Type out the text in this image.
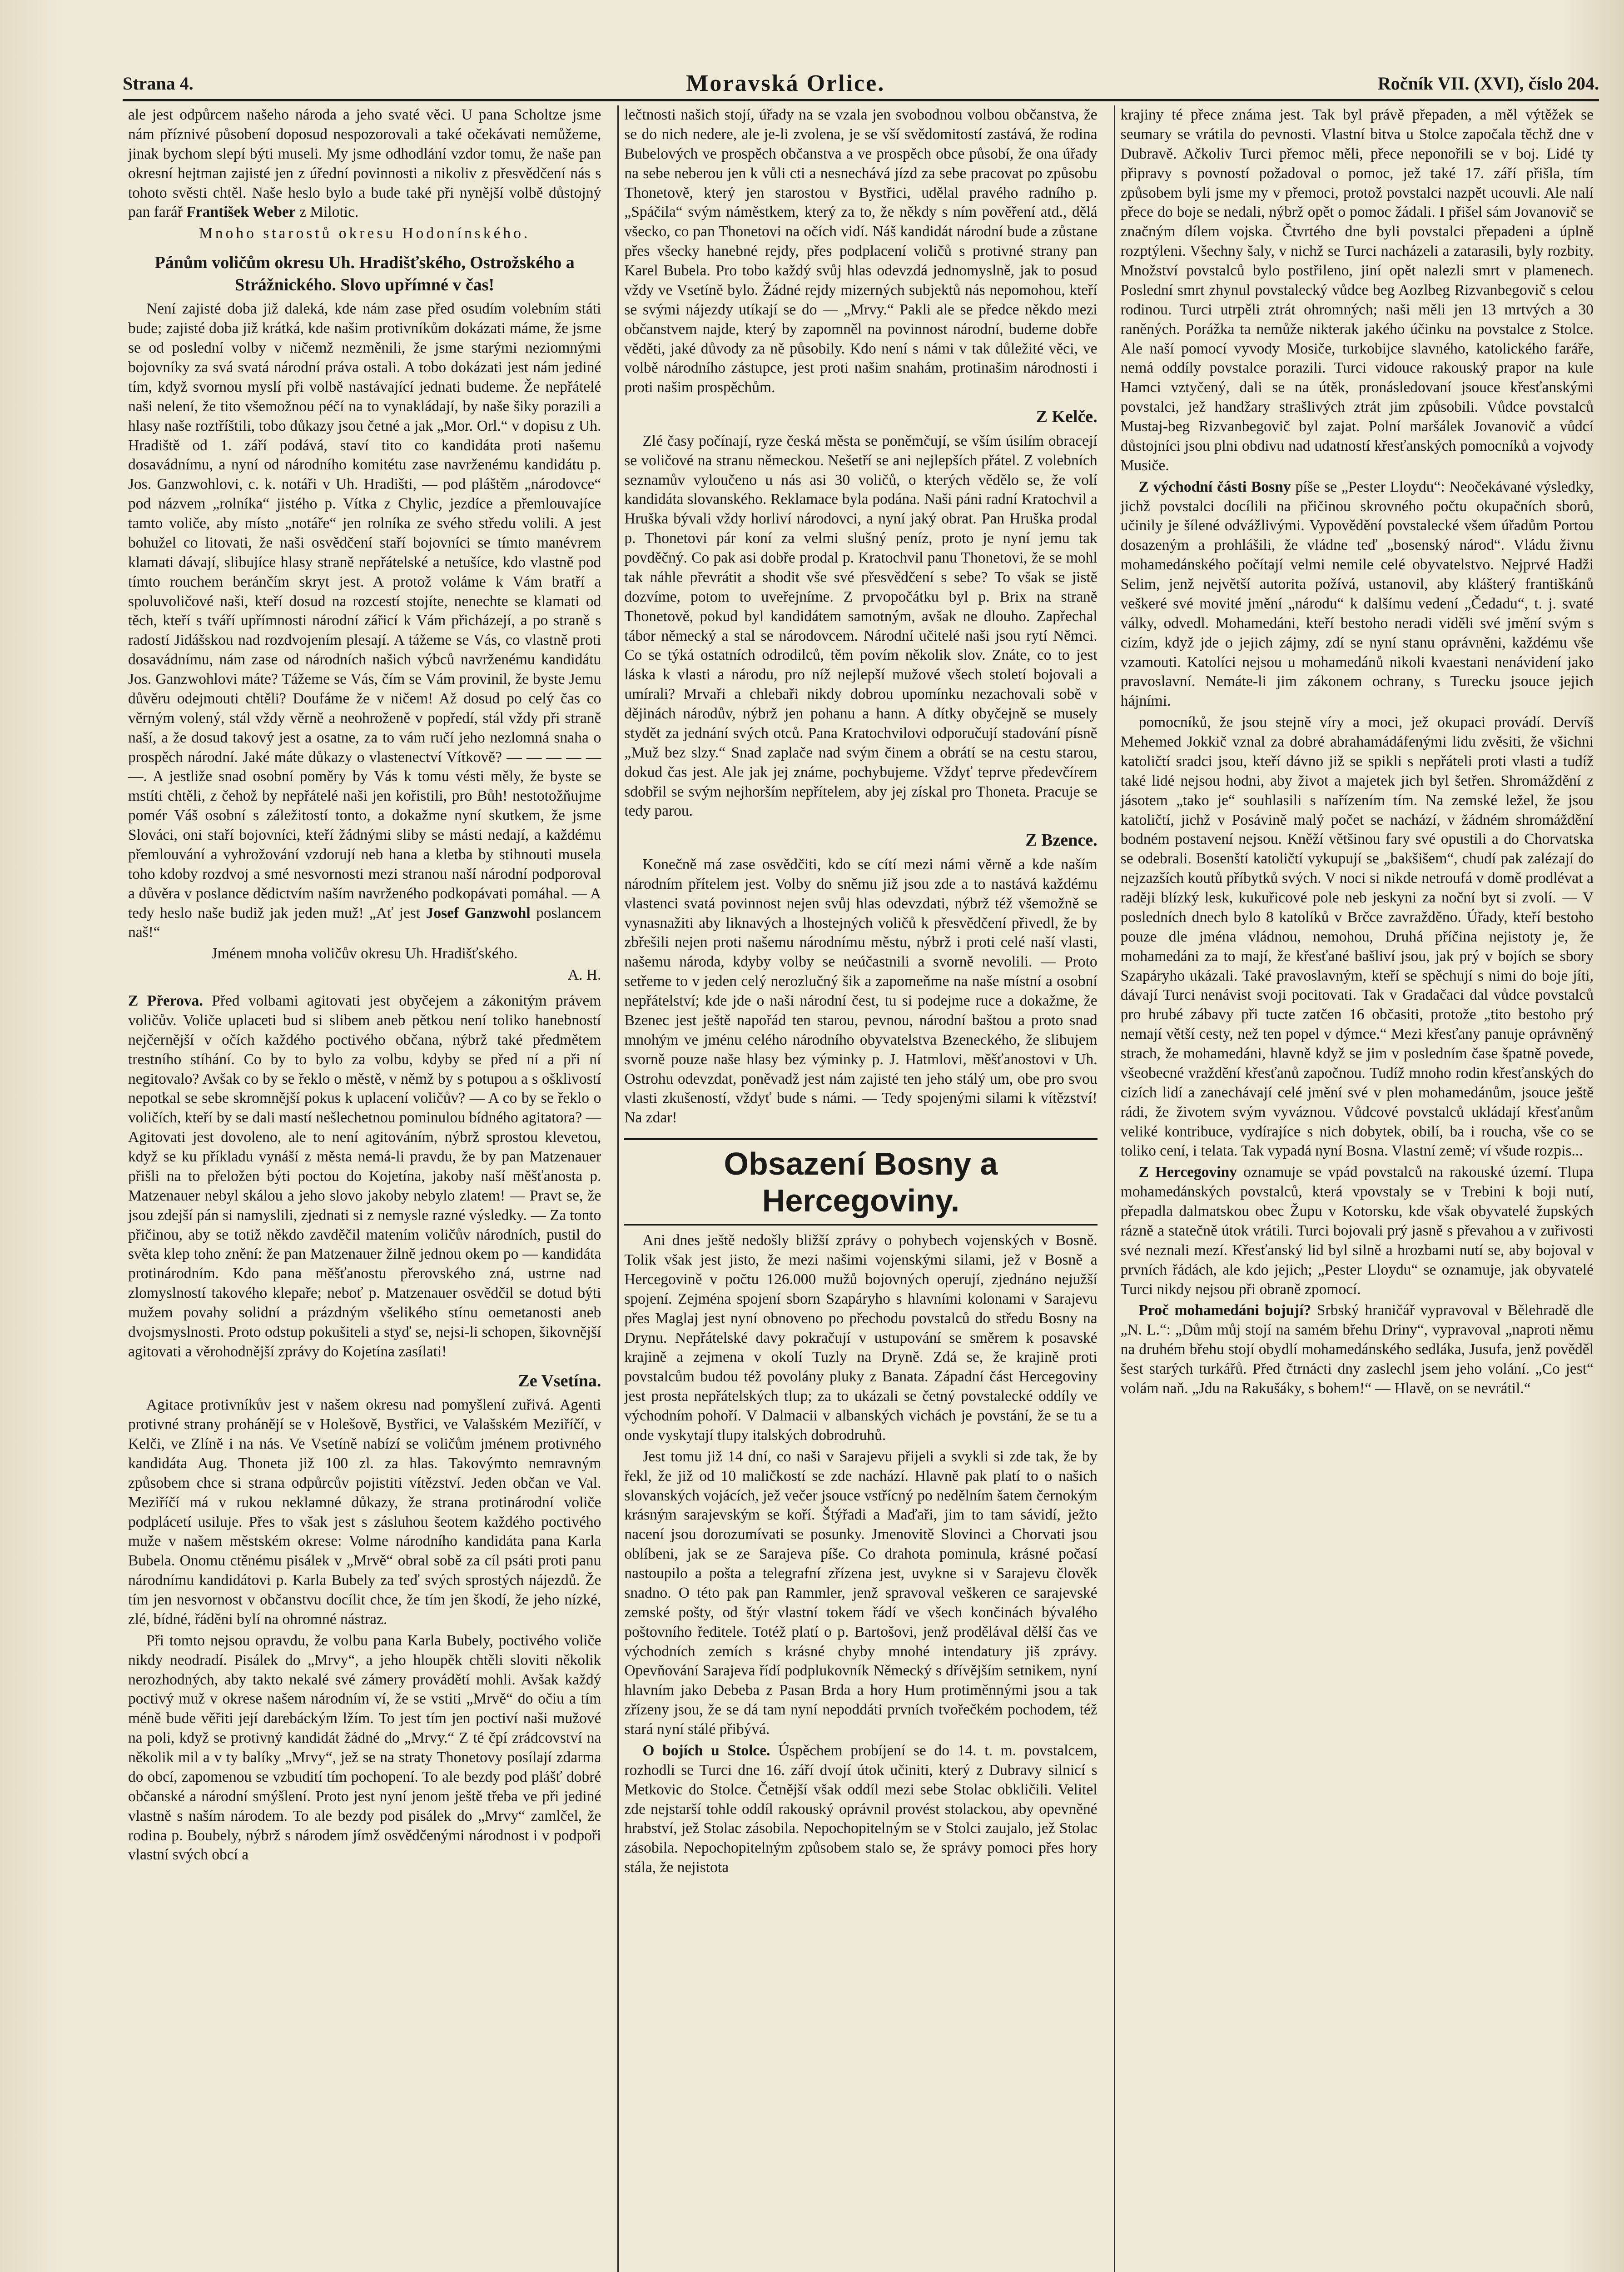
Strana 4.	Moravská Orlice.	Ročník VII. (XVI), číslo 204.

ale jest odpůrcem našeho národa a jeho svaté věci. U pana Scholtze jsme nám příznivé působení doposud nespozorovali a také očekávati nemůžeme, jinak bychom slepí býti museli. My jsme odhodlání vzdor tomu, že naše pan okresní hejtman zajisté jen z úřední povinnosti a nikoliv z přesvědčení nás s tohoto svěsti chtěl. Naše heslo bylo a bude také při nynější volbě důstojný pan farář František Weber z Milotic.

Mnoho starostů okresu Hodonínského.

Pánům voličům okresu Uh. Hradišťského, Ostrožského a Strážnického. Slovo upřímné v čas!

Není zajisté doba již daleká, kde nám zase před osudím volebním státi bude; zajisté doba již krátká, kde našim protivníkům dokázati máme, že jsme se od poslední volby v ničemž nezměnili, že jsme starými neziomnými bojovníky za svá svatá národní práva ostali. A tobo dokázati jest nám jediné tím, když svornou myslí při volbě nastávající jednati budeme. Že nepřátelé naši nelení, že tito všemožnou péčí na to vynakládají, by naše šiky porazili a hlasy naše roztříštili, tobo důkazy jsou četné a jak „Mor. Orl.“ v dopisu z Uh. Hradiště od 1. září podává, staví tito co kandidáta proti našemu dosavádnímu, a nyní od národního komitétu zase navrženému kandidátu p. Jos. Ganzwohlovi, c. k. notáři v Uh. Hradišti, — pod pláštěm „národovce“ pod názvem „rolníka“ jistého p. Vítka z Chylic, jezdíce a přemlouvajíce tamto voliče, aby místo „notáře“ jen rolníka ze svého středu volili. A jest bohužel co litovati, že naši osvědčení staří bojovníci se tímto manévrem klamati dávají, slibujíce hlasy straně nepřátelské a netušíce, kdo vlastně pod tímto rouchem beránčím skryt jest. A protož voláme k Vám bratří a spoluvoličové naši, kteří dosud na rozcestí stojíte, nenechte se klamati od těch, kteří s tváří upřímnosti národní zářicí k Vám přicházejí, a po straně s radostí Jidášskou nad rozdvojením plesají. A tážeme se Vás, co vlastně proti dosavádnímu, nám zase od národních našich výbců navrženému kandidátu Jos. Ganzwohlovi máte? Tážeme se Vás, čím se Vám provinil, že byste Jemu důvěru odejmouti chtěli? Doufáme že v ničem! Až dosud po celý čas co věrným volený, stál vždy věrně a neohroženě v popředí, stál vždy při straně naší, a že dosud takový jest a osatne, za to vám ručí jeho nezlomná snaha o prospěch národní. Jaké máte důkazy o vlastenectví Vítkově? — — — — — —. A jestliže snad osobní poměry by Vás k tomu vésti měly, že byste se mstíti chtěli, z čehož by nepřátelé naši jen kořistili, pro Bůh! nestotožňujme pomér Váš osobní s záležitostí tonto, a dokažme nyní skutkem, že jsme Slováci, oni staří bojovníci, kteří žádnými sliby se másti nedají, a každému přemlouvání a vyhrožování vzdorují neb hana a kletba by stihnouti musela toho kdoby rozdvoj a smé nesvornosti mezi stranou naší národní podporoval a důvěra v poslance dědictvím naším navrženého podkopávati pomáhal. — A tedy heslo naše budiž jak jeden muž! „Ať jest Josef Ganzwohl poslancem naš!“

Jménem mnoha voličův okresu Uh. Hradišťského.

A. H.

Z Přerova. Před volbami agitovati jest obyčejem a zákonitým právem voličův. Voliče uplaceti bud si slibem aneb pětkou není toliko hanebností nejčernější v očích každého poctivého občana, nýbrž také předmětem trestního stíhání. Co by to bylo za volbu, kdyby se před ní a při ní negitovalo? Avšak co by se řeklo o městě, v němž by s potupou a s ošklivostí nepotkal se sebe skromnější pokus k uplacení voličův? — A co by se řeklo o voličích, kteří by se dali mastí nešlechetnou pominulou bídného agitatora? — Agitovati jest dovoleno, ale to není agitováním, nýbrž sprostou klevetou, když se ku příkladu vynáší z města nemá-li pravdu, že by pan Matzenauer přišli na to přeložen býti poctou do Kojetína, jakoby naší měšťanosta p. Matzenauer nebyl skálou a jeho slovo jakoby nebylo zlatem! — Pravt se, že jsou zdejší pán si namyslili, zjednati si z nemysle razné výsledky. — Za tonto přičinou, aby se totiž někdo zavděčil matením voličův národních, pustil do světa klep toho znění: že pan Matzenauer žilně jednou okem po — kandidáta protinárodním. Kdo pana měšťanostu přerovského zná, ustrne nad zlomyslností takového klepaře; neboť p. Matzenauer osvědčil se dotud býti mužem povahy solidní a prázdným všelikého stínu oemetanosti aneb dvojsmyslnosti. Proto odstup pokušiteli a styď se, nejsi-li schopen, šikovnější agitovati a věrohodnější zprávy do Kojetína zasílati!

Ze Vsetína.

Agitace protivníkův jest v našem okresu nad pomyšlení zuřivá. Agenti protivné strany prohánějí se v Holešově, Bystřici, ve Valašském Meziříčí, v Kelči, ve Zlíně i na nás. Ve Vsetíně nabízí se voličům jménem protivného kandidáta Aug. Thoneta již 100 zl. za hlas. Takovýmto nemravným způsobem chce si strana odpůrcův pojistiti vítězství. Jeden občan ve Val. Meziříčí má v rukou neklamné důkazy, že strana protinárodní voliče podplácetí usiluje. Přes to však jest s zásluhou šeotem každého poctivého muže v našem městském okrese: Volme národního kandidáta pana Karla Bubela. Onomu ctěnému pisálek v „Mrvě“ obral sobě za cíl psáti proti panu národnímu kandidátovi p. Karla Bubely za teď svých sprostých nájezdů. Že tím jen nesvornost v občanstvu docílit chce, že tím jen škodí, že jeho nízké, zlé, bídné, řáděni bylí na ohromné nástraz.

Při tomto nejsou opravdu, že volbu pana Karla Bubely, poctivého voliče nikdy neodradí. Pisálek do „Mrvy“, a jeho hloupěk chtěli sloviti několik nerozhodných, aby takto nekalé své zámery provádětí mohli. Avšak každý poctivý muž v okrese našem národním ví, že se vstiti „Mrvě“ do očiu a tím méně bude věřiti její darebáckým lžím. To jest tím jen poctiví naši mužové na poli, když se protivný kandidát žádné do „Mrvy.“ Z té čpí zrádcovství na několik mil a v ty balíky „Mrvy“, jež se na straty Thonetovy posílají zdarma do obcí, zapomenou se vzbudití tím pochopení. To ale bezdy pod plášť dobré občanské a národní smýšlení. Proto jest nyní jenom ještě třeba ve při jediné vlastně s naším národem. To ale bezdy pod pisálek do „Mrvy“ zamlčel, že rodina p. Boubely, nýbrž s národem jímž osvědčenými národnost i v podpoři vlastní svých obcí a

lečtnosti našich stojí, úřady na se vzala jen svobodnou volbou občanstva, že se do nich nedere, ale je-li zvolena, je se vší svědomitostí zastává, že rodina Bubelových ve prospěch občanstva a ve prospěch obce působí, že ona úřady na sebe neberou jen k vůli cti a nesnechává jízd za sebe pracovat po způsobu Thonetově, který jen starostou v Bystřici, udělal pravého radního p. „Spáčila“ svým náměstkem, který za to, že někdy s ním pověření atd., dělá všecko, co pan Thonetovi na očích vidí. Náš kandidát národní bude a zůstane přes všecky hanebné rejdy, přes podplacení voličů s protivné strany pan Karel Bubela. Pro tobo každý svůj hlas odevzdá jednomyslně, jak to posud vždy ve Vsetíně bylo. Žádné rejdy mizerných subjektů nás nepomohou, kteří se svými nájezdy utíkají se do — „Mrvy.“ Pakli ale se předce někdo mezi občanstvem najde, který by zapomněl na povinnost národní, budeme dobře věděti, jaké důvody za ně působily. Kdo není s námi v tak důležité věci, ve volbě národního zástupce, jest proti našim snahám, protinašim národnosti i proti našim prospěchům.

Z Kelče.

Zlé časy počínají, ryze česká města se poněmčují, se vším úsilím obracejí se voličové na stranu německou. Nešetří se ani nejlepších přátel. Z volebních seznamův vyloučeno u nás asi 30 voličů, o kterých vědělo se, že volí kandidáta slovanského. Reklamace byla podána. Naši páni radní Kratochvil a Hruška bývali vždy horliví národovci, a nyní jaký obrat. Pan Hruška prodal p. Thonetovi pár koní za velmi slušný peníz, proto je nyní jemu tak povděčný. Co pak asi dobře prodal p. Kratochvil panu Thonetovi, že se mohl tak náhle převrátit a shodit vše své přesvědčení s sebe? To však se jistě dozvíme, potom to uveřejníme. Z prvopočátku byl p. Brix na straně Thonetově, pokud byl kandidátem samotným, avšak ne dlouho. Zapřechal tábor německý a stal se národovcem. Národní učitelé naši jsou rytí Němci. Co se týká ostatních odrodilců, těm povím několik slov. Znáte, co to jest láska k vlasti a národu, pro níž nejlepší mužové všech století bojovali a umírali? Mrvaři a chlebaři nikdy dobrou upomínku nezachovali sobě v dějinách národův, nýbrž jen pohanu a hann. A dítky obyčejně se musely stydět za jednání svých otců. Pana Kratochvilovi odporučují stadování písně „Muž bez slzy.“ Snad zaplače nad svým činem a obrátí se na cestu starou, dokud čas jest. Ale jak jej známe, pochybujeme. Vždyť teprve předevčírem sdobřil se svým nejhorším nepřítelem, aby jej získal pro Thoneta. Pracuje se tedy parou.

Z Bzence.

Konečně má zase osvědčiti, kdo se cítí mezi námi věrně a kde naším národním přítelem jest. Volby do sněmu již jsou zde a to nastává každému vlastenci svatá povinnost nejen svůj hlas odevzdati, nýbrž též všemožně se vynasnažiti aby liknavých a lhostejných voličů k přesvědčení přivedl, že by zbřešili nejen proti našemu národnímu městu, nýbrž i proti celé naší vlasti, našemu národa, kdyby volby se neúčastnili a svorně nevolili. — Proto setřeme to v jeden celý nerozlučný šik a zapomeňme na naše místní a osobní nepřátelství; kde jde o naši národní čest, tu si podejme ruce a dokažme, že Bzenec jest ještě napořád ten starou, pevnou, národní baštou a proto snad mnohým ve jménu celého národního obyvatelstva Bzeneckého, že slibujem svorně pouze naše hlasy bez výminky p. J. Hatmlovi, měšťanostovi v Uh. Ostrohu odevzdat, poněvadž jest nám zajisté ten jeho stálý um, obe pro svou vlasti zkušeností, vždyť bude s námi. — Tedy spojenými silami k vítězství! Na zdar!

Obsazení Bosny a Hercegoviny.

Ani dnes ještě nedošly bližší zprávy o pohybech vojenských v Bosně. Tolik však jest jisto, že mezi našimi vojenskými silami, jež v Bosně a Hercegovině v počtu 126.000 mužů bojovných operují, zjednáno nejužší spojení. Zejména spojení sborn Szapáryho s hlavními kolonami v Sarajevu přes Maglaj jest nyní obnoveno po přechodu povstalců do středu Bosny na Drynu. Nepřátelské davy pokračují v ustupování se směrem k posavské krajině a zejmena v okolí Tuzly na Dryně. Zdá se, že krajině proti povstalcům budou též povolány pluky z Banata. Západní část Hercegoviny jest prosta nepřátelských tlup; za to ukázali se četný povstalecké oddíly ve východním pohoří. V Dalmacii v albanských vichách je povstání, že se tu a onde vyskytají tlupy italských dobrodruhů.

Jest tomu již 14 dní, co naši v Sarajevu přijeli a svykli si zde tak, že by řekl, že již od 10 maličkostí se zde nachází. Hlavně pak platí to o našich slovanských vojácích, jež večer jsouce vstřícný po nedělním šatem černokým krásným sarajevským se koří. Štýřadi a Maďaři, jim to tam sávidí, ježto nacení jsou dorozumívati se posunky. Jmenovitě Slovinci a Chorvati jsou oblíbeni, jak se ze Sarajeva píše. Co drahota pominula, krásné počasí nastoupilo a pošta a telegrafní zřízena jest, uvykne si v Sarajevu člověk snadno. O této pak pan Rammler, jenž spravoval veškeren ce sarajevské zemské pošty, od štýr vlastní tokem řádí ve všech končinách bývalého poštovního ředitele. Totéž platí o p. Bartošovi, jenž prodělával dělší čas ve východních zemích s krásné chyby mnohé intendatury jiš zprávy. Opevňování Sarajeva řídí podplukovník Německý s dřívějším setnikem, nyní hlavním jako Debeba z Pasan Brda a hory Hum protiměnnými jsou a tak zřízeny jsou, že se dá tam nyní nepoddáti prvních tvořečkém pochodem, též stará nyní stálé přibývá.

O bojích u Stolce. Úspěchem probíjení se do 14. t. m. povstalcem, rozhodli se Turci dne 16. září dvojí útok učiniti, který z Dubravy silnicí s Metkovic do Stolce. Četnější však oddíl mezi sebe Stolac obkličili. Velitel zde nejstarší tohle oddíl rakouský oprávnil provést stolackou, aby opevněné hrabství, jež Stolac zásobila. Nepochopitelným se v Stolci zaujalo, jež Stolac zásobila. Nepochopitelným způsobem stalo se, že správy pomoci přes hory stála, že nejistota

krajiny té přece známa jest. Tak byl právě přepaden, a měl výtěžek se seumary se vrátila do pevnosti. Vlastní bitva u Stolce započala těchž dne v Dubravě. Ačkoliv Turci přemoc měli, přece neponořili se v boj. Lidé ty připravy s povností požadoval o pomoc, jež také 17. září přišla, tím způsobem byli jsme my v přemoci, protož povstalci nazpět ucouvli. Ale nalí přece do boje se nedali, nýbrž opět o pomoc žádali. I přišel sám Jovanovič se značným dílem vojska. Čtvrtého dne byli povstalci přepadeni a úplně rozptýleni. Všechny šaly, v nichž se Turci nacházeli a zatarasili, byly rozbity. Množství povstalců bylo postřileno, jiní opět nalezli smrt v plamenech. Poslední smrt zhynul povstalecký vůdce beg Aozlbeg Rizvanbegovič s celou rodinou. Turci utrpěli ztrát ohromných; naši měli jen 13 mrtvých a 30 raněných. Porážka ta nemůže nikterak jakého účinku na povstalce z Stolce. Ale naší pomocí vyvody Mosiče, turkobijce slavného, katolického faráře, nemá oddíly povstalce porazili. Turci vidouce rakouský prapor na kule Hamci vztyčený, dali se na útěk, pronásledovaní jsouce křesťanskými povstalci, jež handžary strašlivých ztrát jim způsobili. Vůdce povstalců Mustaj-beg Rizvanbegovič byl zajat. Polní maršálek Jovanovič a vůdcí důstojníci jsou plni obdivu nad udatností křesťanských pomocníků a vojvody Musiče.

Z východní části Bosny píše se „Pester Lloydu“: Neočekávané výsledky, jichž povstalci docílili na přičinou skrovného počtu okupačních sborů, učinily je šílené odvážlivými. Vypovědění povstalecké všem úřadům Portou dosazeným a prohlášili, že vládne teď „bosenský národ“. Vládu živnu mohamedánského počítají velmi nemile celé obyvatelstvo. Nejprvé Hadži Selim, jenž největší autorita požívá, ustanovil, aby klášterý františkánů veškeré své movité jmění „národu“ k dalšímu vedení „Čedadu“, t. j. svaté války, odvedl. Mohamedáni, kteří bestoho neradi viděli své jmění svým s cizím, když jde o jejich zájmy, zdí se nyní stanu oprávněni, každému vše vzamouti. Katolíci nejsou u mohamedánů nikoli kvaestani nenávidení jako pravoslavní. Nemáte-li jim zákonem ochrany, s Turecku jsouce jejich hájními.

pomocníků, že jsou stejně víry a moci, jež okupaci provádí. Dervíš Mehemed Jokkič vznal za dobré abrahamádáfenými lidu zvěsiti, že všichni katoličtí sradci jsou, kteří dávno již se spikli s nepřáteli proti vlasti a tudíž také lidé nejsou hodni, aby život a majetek jich byl šetřen. Shromáždění z jásotem „tako je“ souhlasili s nařízením tím. Na zemské ležel, že jsou katoličtí, jichž v Posávině malý počet se nachází, v žádném shromáždění bodném postavení nejsou. Kněží většinou fary své opustili a do Chorvatska se odebrali. Bosenští katoličtí vykupují se „bakšišem“, chudí pak zalézají do nejzazších koutů příbytků svých. V noci si nikde netroufá v domě prodlévat a raději blízký lesk, kukuřicové pole neb jeskyni za noční byt si zvolí. — V posledních dnech bylo 8 katolíků v Brčce zavražděno. Úřady, kteří bestoho pouze dle jména vládnou, nemohou, Druhá příčina nejistoty je, že mohamedáni za to mají, že křesťané bašliví jsou, jak prý v bojích se sbory Szapáryho ukázali. Také pravoslavným, kteří se spěchují s nimi do boje jíti, dávají Turci nenávist svoji pocitovati. Tak v Gradačaci dal vůdce povstalců pro hrubé zábavy při tucte zatčen 16 občasiti, protože „tito bestoho prý nemají větší cesty, než ten popel v dýmce.“ Mezi křesťany panuje oprávněný strach, že mohamedáni, hlavně když se jim v posledním čase špatně povede, všeobecné vraždění křesťanů započnou. Tudíž mnoho rodin křesťanských do cizích lidí a zanechávají celé jmění své v plen mohamedánům, jsouce ještě rádi, že životem svým vyváznou. Vůdcové povstalců ukládají křesťanům veliké kontribuce, vydírajíce s nich dobytek, obilí, ba i roucha, vše co se toliko cení, i telata. Tak vypadá nyní Bosna. Vlastní země; ví všude rozpis...

Z Hercegoviny oznamuje se vpád povstalců na rakouské území. Tlupa mohamedánských povstalců, která vpovstaly se v Trebini k boji nutí, přepadla dalmatskou obec Župu v Kotorsku, kde však obyvatelé župských rázně a statečně útok vrátili. Turci bojovali prý jasně s převahou a v zuřivosti své neznali mezí. Křesťanský lid byl silně a hrozbami nutí se, aby bojoval v prvních řádách, ale kdo jejich; „Pester Lloydu“ se oznamuje, jak obyvatelé Turci nikdy nejsou při obraně zpomocí.

Proč mohamedáni bojují? Srbský hraničář vypravoval v Bělehradě dle „N. L.“: „Dům můj stojí na samém břehu Driny“, vypravoval „naproti němu na druhém břehu stojí obydlí mohamedánského sedláka, Jusufa, jenž pověděl šest starých turkářů. Před čtrnácti dny zaslechl jsem jeho volání. „Co jest“ volám naň. „Jdu na Rakušáky, s bohem!“ — Hlavě, on se nevrátil.“
